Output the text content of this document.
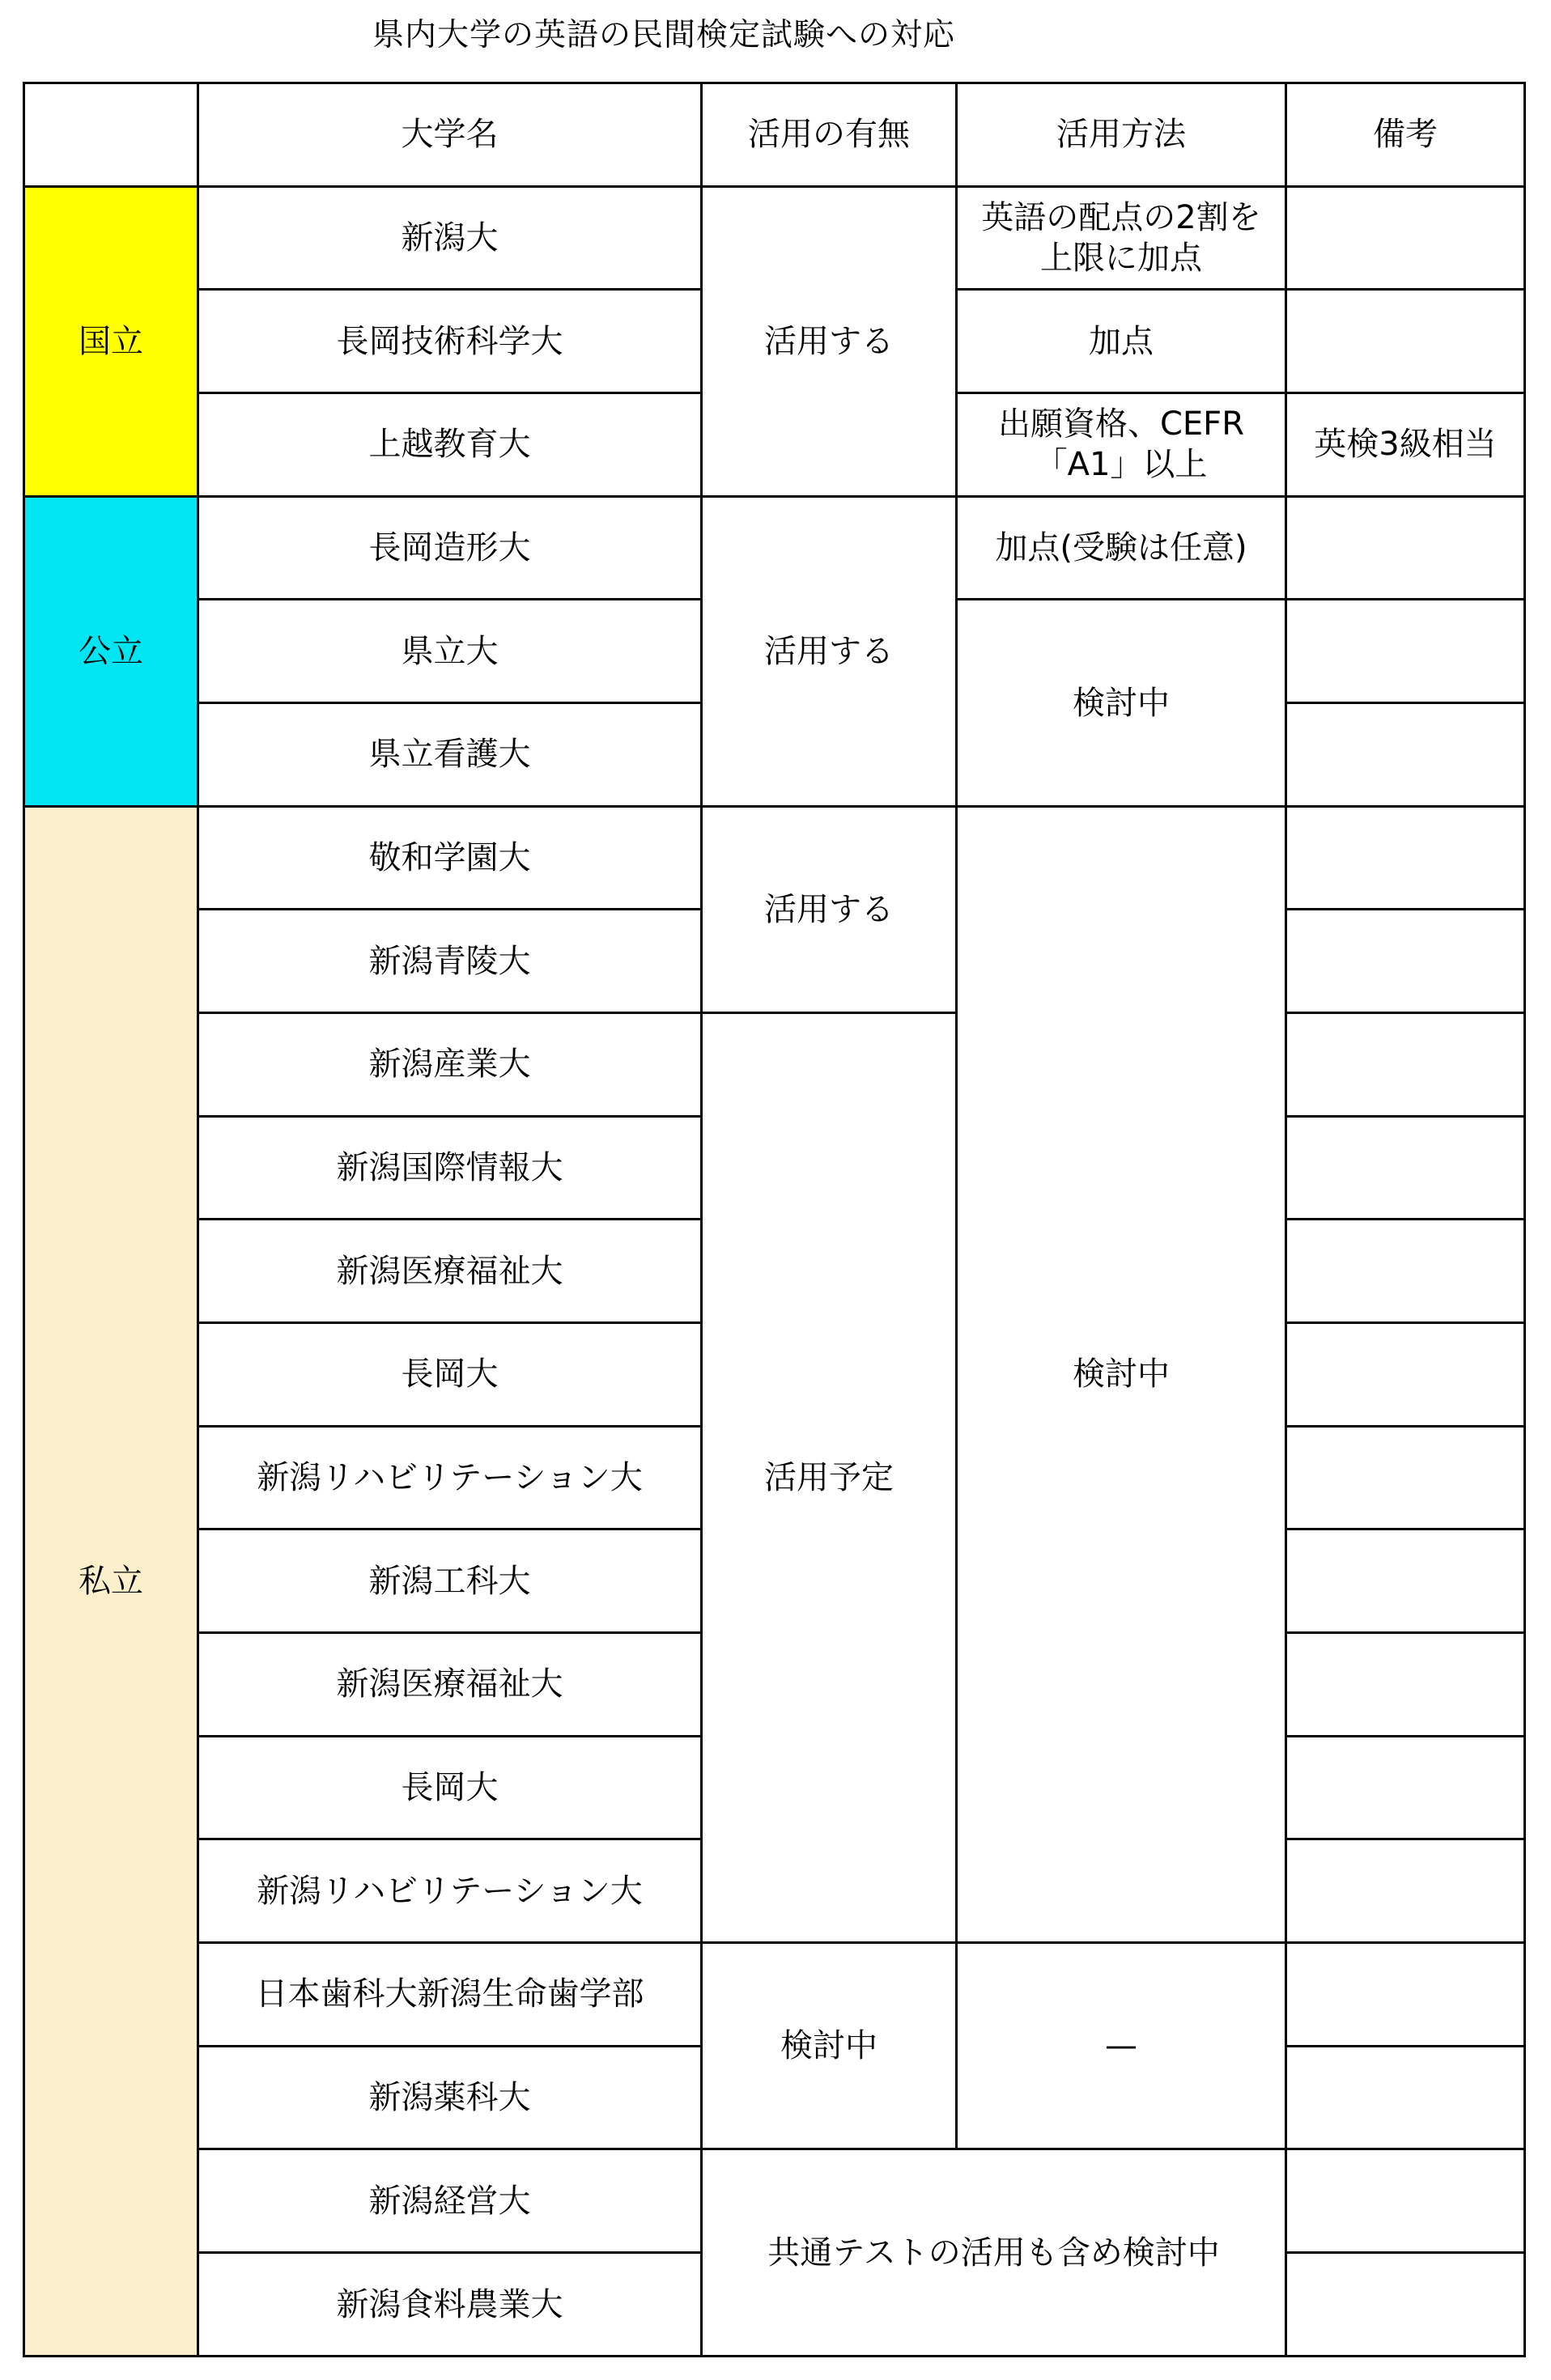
県内大学の英語の民間検定試験への対応
	大学名	活用の有無	活用方法	備考
国立	新潟大	活用する	英語の配点の2割を
上限に加点	
	長岡技術科学大		加点	
	上越教育大		出願資格、CEFR
「A1」以上	英検3級相当
公立	長岡造形大	活用する	加点(受験は任意)	
	県立大		検討中	
	県立看護大			
私立	敬和学園大	活用する	検討中	
	新潟青陵大			
	新潟産業大	活用予定		
	新潟国際情報大			
	新潟医療福祉大			
	長岡大			
	新潟リハビリテーション大			
	新潟工科大			
	新潟医療福祉大			
	長岡大			
	新潟リハビリテーション大			
	日本歯科大新潟生命歯学部	検討中	—	
	新潟薬科大			
	新潟経営大	共通テストの活用も含め検討中		
	新潟食料農業大			
